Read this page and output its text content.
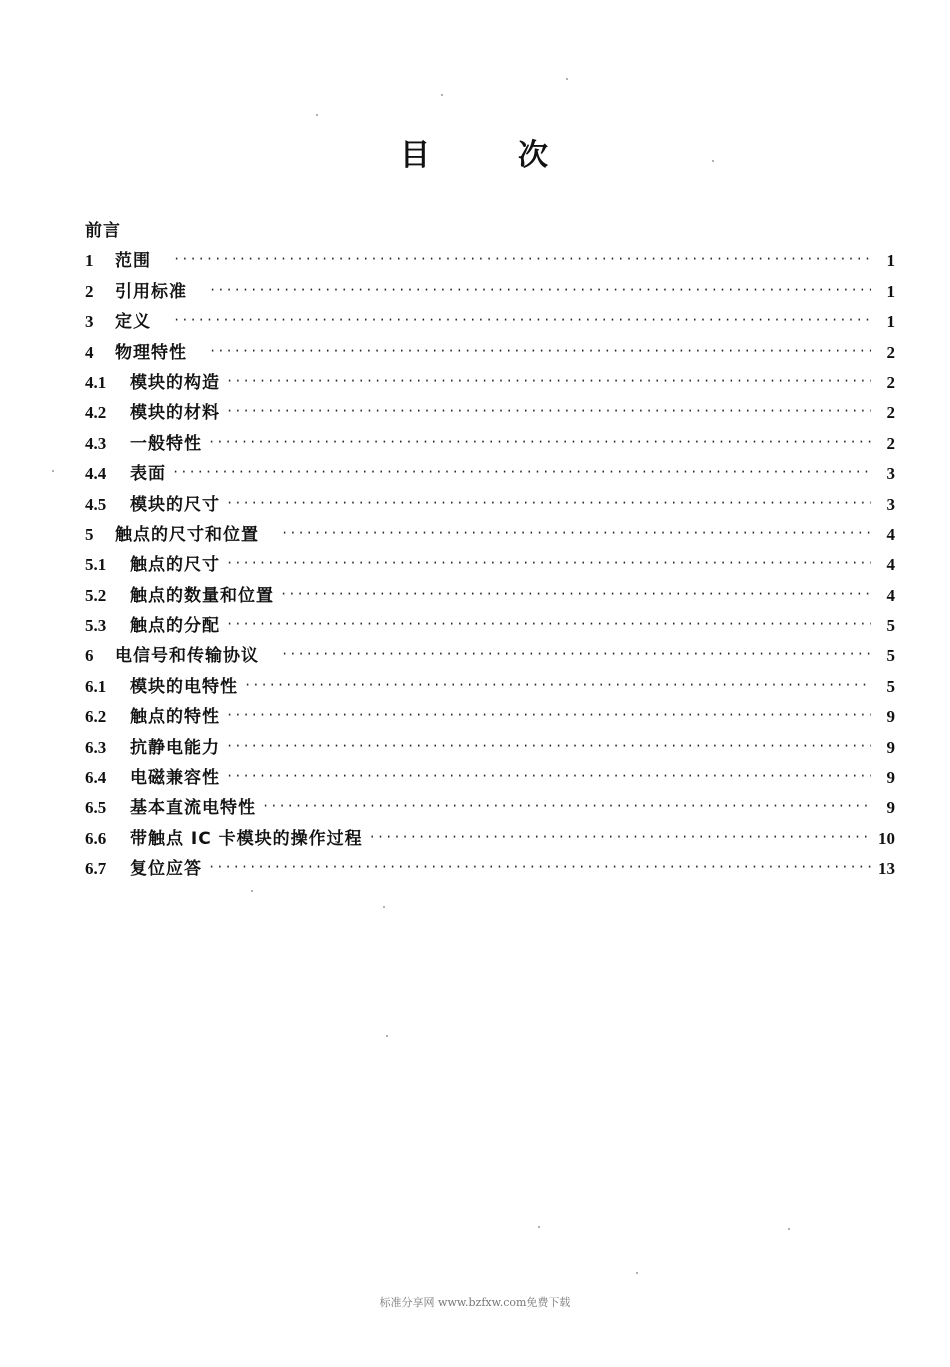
目	次
前言
1	范围 ·····	1
2	引用标准 ·····	1
3	定义 ·····	1
4	物理特性 ·····	2
4.1	模块的构造 ·····	2
4.2	模块的材料 ·····	2
4.3	一般特性 ·····	2
4.4	表面 ·····	3
4.5	模块的尺寸 ·····	3
5	触点的尺寸和位置 ·····	4
5.1	触点的尺寸 ·····	4
5.2	触点的数量和位置 ·····	4
5.3	触点的分配 ·····	5
6	电信号和传输协议 ·····	5
6.1	模块的电特性 ·····	5
6.2	触点的特性 ·····	9
6.3	抗静电能力 ·····	9
6.4	电磁兼容性 ·····	9
6.5	基本直流电特性 ·····	9
6.6	带触点 IC 卡模块的操作过程 ·····	10
6.7	复位应答 ·····	13
标准分享网 www.bzfxw.com免费下载
